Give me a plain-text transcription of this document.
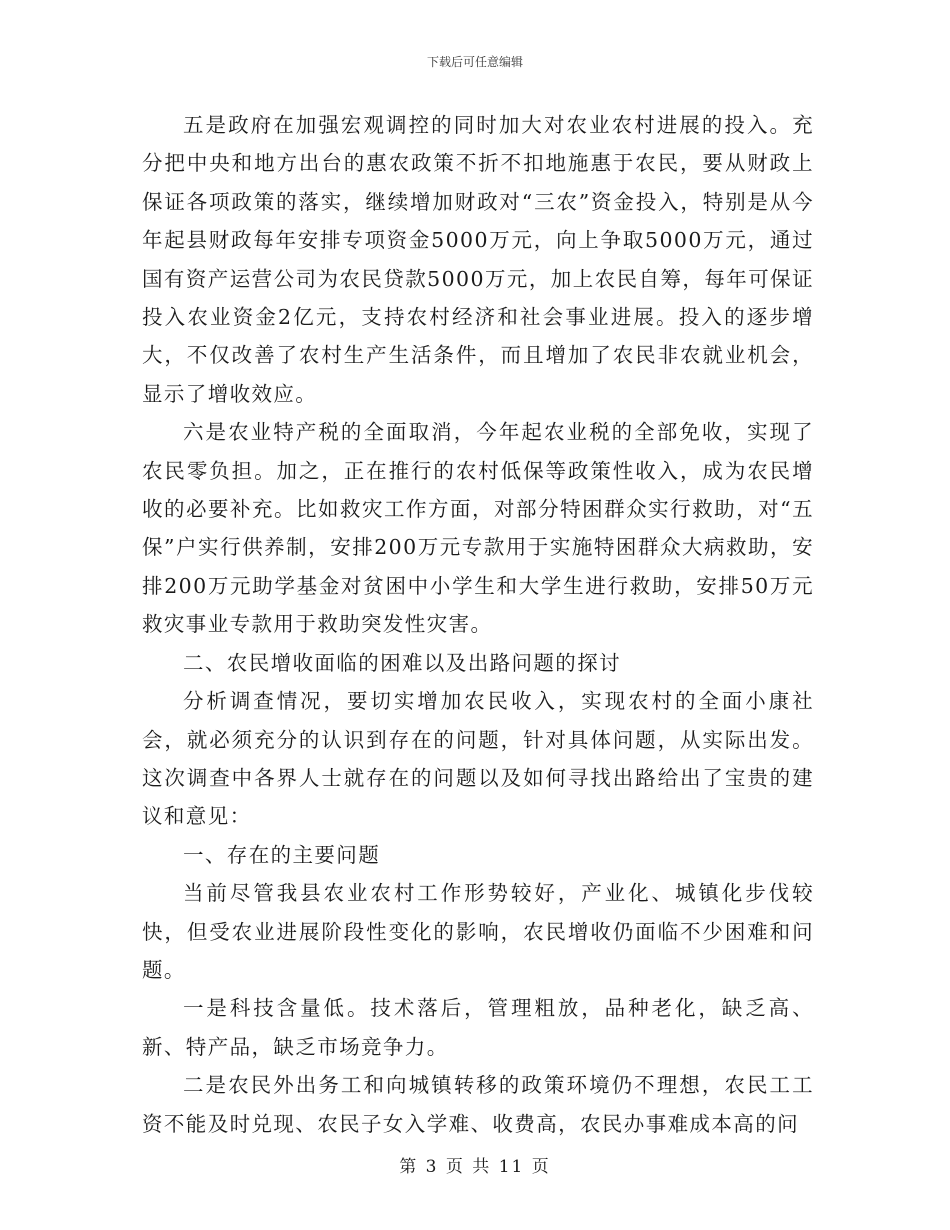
下载后可任意编辑

五是政府在加强宏观调控的同时加大对农业农村进展的投入。充分把中央和地方出台的惠农政策不折不扣地施惠于农民，要从财政上保证各项政策的落实，继续增加财政对“三农”资金投入，特别是从今年起县财政每年安排专项资金5000万元，向上争取5000万元，通过国有资产运营公司为农民贷款5000万元，加上农民自筹，每年可保证投入农业资金2亿元，支持农村经济和社会事业进展。投入的逐步增大，不仅改善了农村生产生活条件，而且增加了农民非农就业机会，显示了增收效应。

六是农业特产税的全面取消，今年起农业税的全部免收，实现了农民零负担。加之，正在推行的农村低保等政策性收入，成为农民增收的必要补充。比如救灾工作方面，对部分特困群众实行救助，对“五保”户实行供养制，安排200万元专款用于实施特困群众大病救助，安排200万元助学基金对贫困中小学生和大学生进行救助，安排50万元救灾事业专款用于救助突发性灾害。

二、农民增收面临的困难以及出路问题的探讨

分析调查情况，要切实增加农民收入，实现农村的全面小康社会，就必须充分的认识到存在的问题，针对具体问题，从实际出发。这次调查中各界人士就存在的问题以及如何寻找出路给出了宝贵的建议和意见：

一、存在的主要问题

当前尽管我县农业农村工作形势较好，产业化、城镇化步伐较快，但受农业进展阶段性变化的影响，农民增收仍面临不少困难和问题。

一是科技含量低。技术落后，管理粗放，品种老化，缺乏高、新、特产品，缺乏市场竞争力。

二是农民外出务工和向城镇转移的政策环境仍不理想，农民工工资不能及时兑现、农民子女入学难、收费高，农民办事难成本高的问

第 3 页 共 11 页
